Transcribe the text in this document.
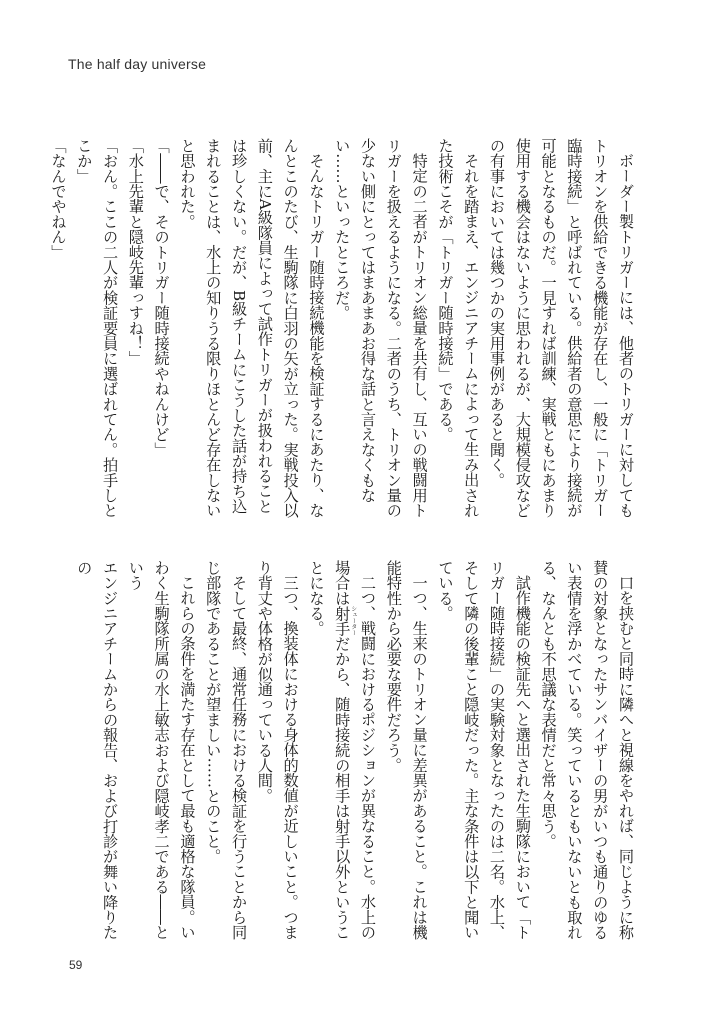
The half day universe

ボーダー製トリガーには、他者のトリガーに対してもトリオンを供給できる機能が存在し、一般に「トリガー臨時接続」と呼ばれている。供給者の意思により接続が可能となるものだ。一見すれば訓練、実戦ともにあまり使用する機会はないように思われるが、大規模侵攻などの有事においては幾つかの実用事例があると聞く。

それを踏まえ、エンジニアチームによって生み出された技術こそが「トリガー随時接続」である。

特定の二者がトリオン総量を共有し、互いの戦闘用トリガーを扱えるようになる。二者のうち、トリオン量の少ない側にとってはまあまあお得な話と言えなくもない……といったところだ。

そんなトリガー随時接続機能を検証するにあたり、なんとこのたび、生駒隊に白羽の矢が立った。実戦投入以前、主にA級隊員によって試作トリガーが扱われることは珍しくない。だが、B級チームにこうした話が持ち込まれることは、水上の知りうる限りほとんど存在しないと思われた。

「――で、そのトリガー随時接続やねんけど」

「水上先輩と隠岐先輩っすね！」

「おん。ここの二人が検証要員に選ばれてん。拍手しとこか」

「なんでやねん」

口を挟むと同時に隣へと視線をやれば、同じように称賛の対象となったサンバイザーの男がいつも通りのゆるい表情を浮かべている。笑っているともいないとも取れる、なんとも不思議な表情だと常々思う。

試作機能の検証先へと選出された生駒隊において「トリガー随時接続」の実験対象となったのは二名。水上、そして隣の後輩こと隠岐だった。主な条件は以下と聞いている。

一つ、生来のトリオン量に差異があること。これは機能特性から必要な要件だろう。

二つ、戦闘におけるポジションが異なること。水上の場合は射手シューターだから、随時接続の相手は射手以外ということになる。

三つ、換装体における身体的数値が近しいこと。つまり背丈や体格が似通っている人間。

そして最終、通常任務における検証を行うことから同じ部隊であることが望ましい……とのこと。

これらの条件を満たす存在として最も適格な隊員。いわく生駒隊所属の水上敏志および隠岐孝二である――という

エンジニアチームからの報告、および打診が舞い降りたの

59
